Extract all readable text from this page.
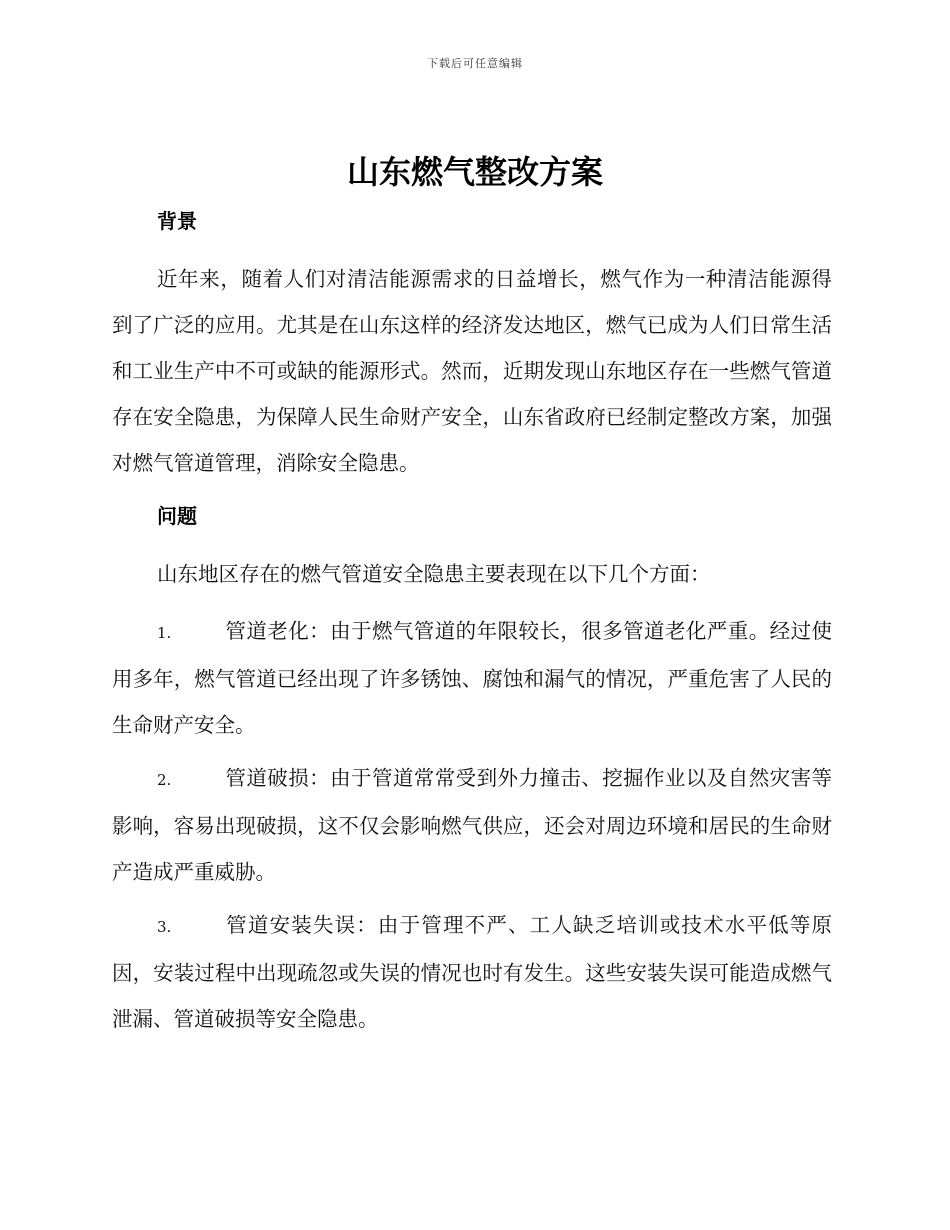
下载后可任意编辑
山东燃气整改方案
背景

近年来，随着人们对清洁能源需求的日益增长，燃气作为一种清洁能源得到了广泛的应用。尤其是在山东这样的经济发达地区，燃气已成为人们日常生活和工业生产中不可或缺的能源形式。然而，近期发现山东地区存在一些燃气管道存在安全隐患，为保障人民生命财产安全，山东省政府已经制定整改方案，加强对燃气管道管理，消除安全隐患。

问题

山东地区存在的燃气管道安全隐患主要表现在以下几个方面：

1.	管道老化：由于燃气管道的年限较长，很多管道老化严重。经过使用多年，燃气管道已经出现了许多锈蚀、腐蚀和漏气的情况，严重危害了人民的生命财产安全。

2.	管道破损：由于管道常常受到外力撞击、挖掘作业以及自然灾害等影响，容易出现破损，这不仅会影响燃气供应，还会对周边环境和居民的生命财产造成严重威胁。

3.	管道安装失误：由于管理不严、工人缺乏培训或技术水平低等原因，安装过程中出现疏忽或失误的情况也时有发生。这些安装失误可能造成燃气泄漏、管道破损等安全隐患。
